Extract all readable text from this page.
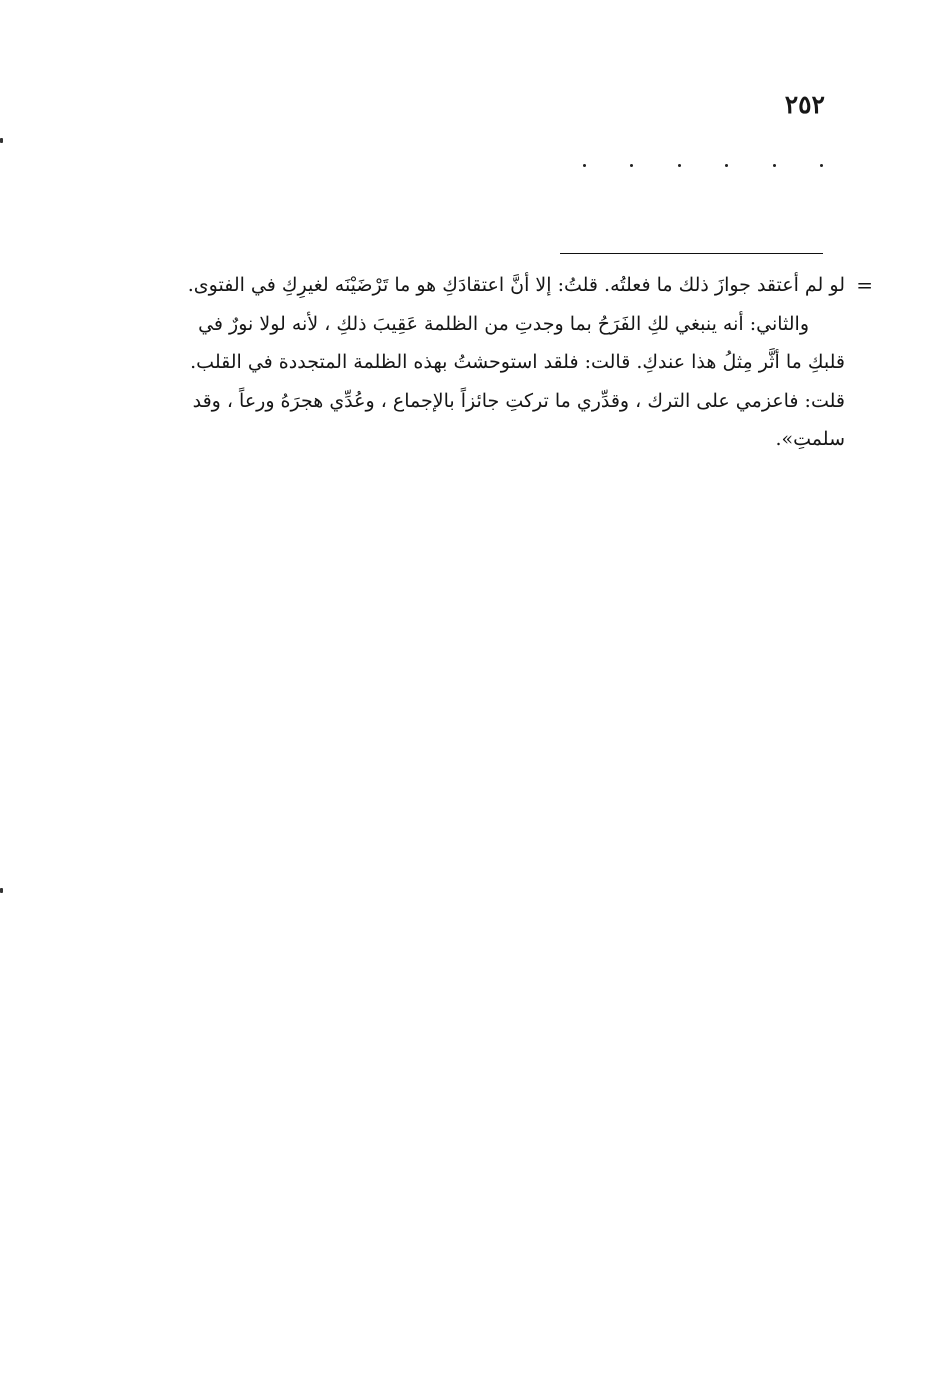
٢٥٢
=
لو لم أعتقد جوازَ ذلك ما فعلتُه. قلتُ: إلا أنَّ اعتقادَكِ هو ما تَرْضَيْنَه لغيرِكِ في الفتوى.
والثاني: أنه ينبغي لكِ الفَرَحُ بما وجدتِ من الظلمة عَقِيبَ ذلكِ ، لأنه لولا نورٌ في
قلبكِ ما أثَّر مِثلُ هذا عندكِ. قالت: فلقد استوحشتُ بهذه الظلمة المتجددة في القلب.
قلت: فاعزمي على الترك ، وقدِّري ما تركتِ جائزاً بالإجماع ، وعُدِّي هجرَهُ ورعاً ، وقد
سلمتِ».
